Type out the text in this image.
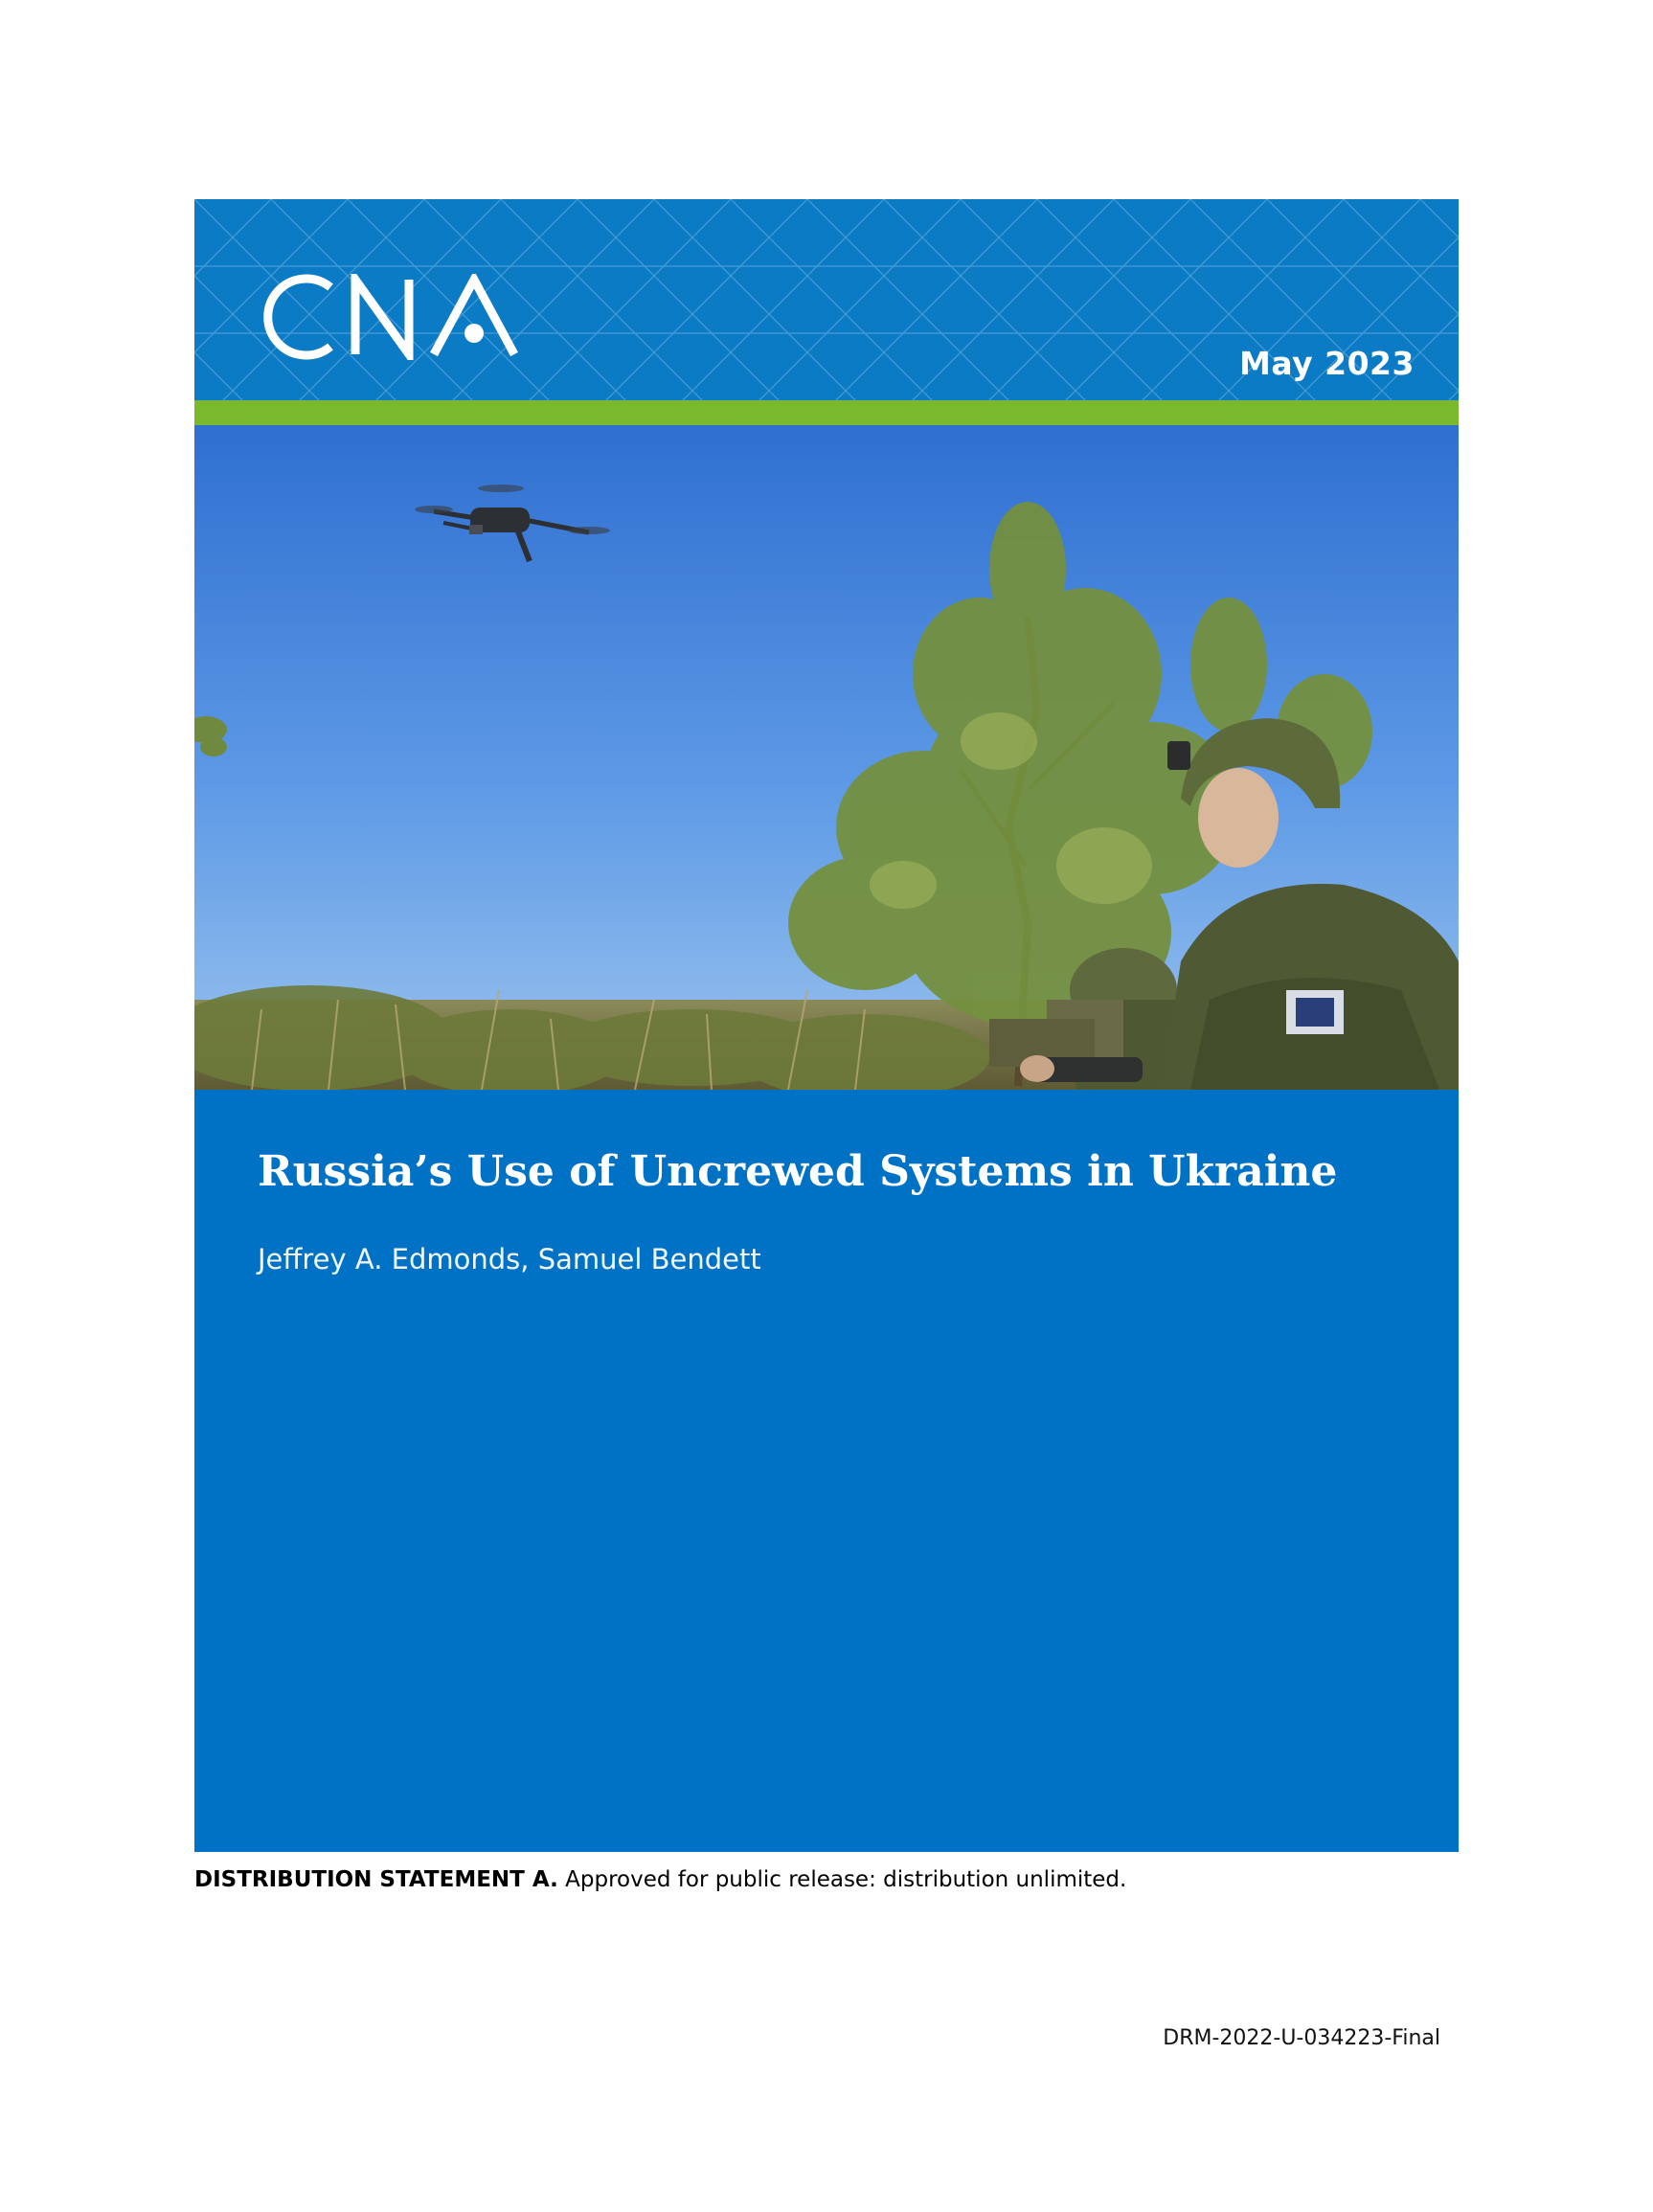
May 2023
Russia’s Use of Uncrewed Systems in Ukraine

Jeffrey A. Edmonds, Samuel Bendett

DISTRIBUTION STATEMENT A. Approved for public release: distribution unlimited.
DRM-2022-U-034223-Final
